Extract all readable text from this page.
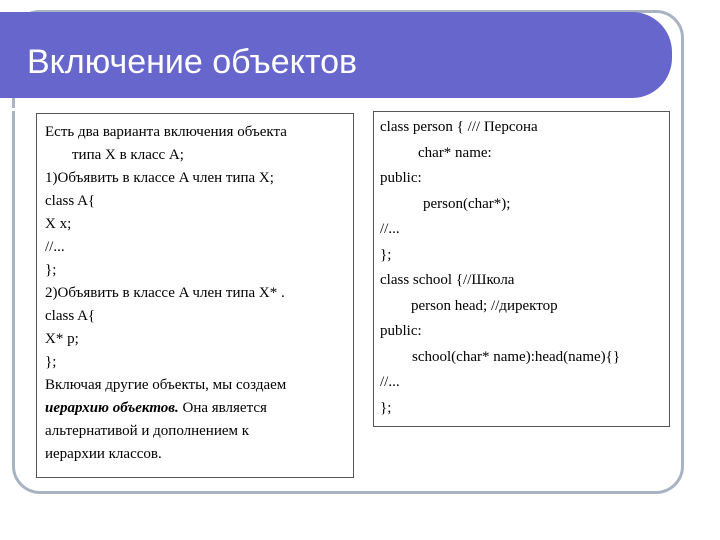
Включение объектов
Есть два варианта включения объекта
типа X в класс A;
1)Объявить в классе A член типа X;
class A{
X x;
//...
};
2)Объявить в классе A член типа X* .
class A{
X* p;
};
Включая другие объекты, мы создаем
иерархию объектов. Она является
альтернативой и дополнением к
иерархии классов.
class person { /// Персона
char* name:
public:
person(char*);
//...
};
class school {//Школа
person head; //директор
public:
school(char* name):head(name){}
//...
};
